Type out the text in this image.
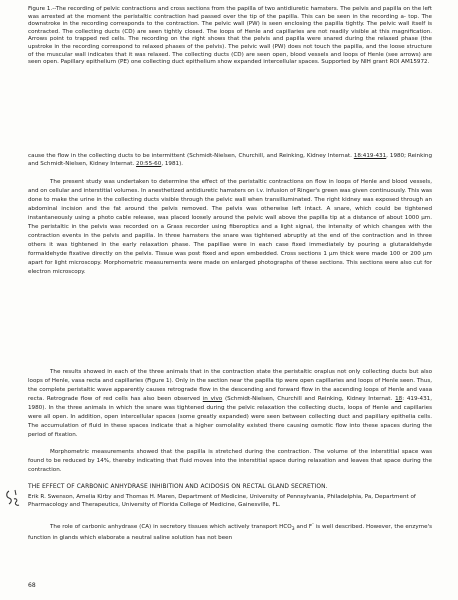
Figure 1.--The recording of pelvic contractions and cross sections from the papilla of two antidiuretic hamsters. The pelvis and papilla on the left was arrested at the moment the peristaltic contraction had passed over the tip of the papilla. This can be seen in the recording a- top. The downstroke in the recording corresponds to the contraction. The pelvic wall (PW) is seen enclosing the papilla tightly. The pelvic wall itself is contracted. The collecting ducts (CD) are seen tightly closed. The loops of Henle and capillaries are not readily visible at this magnification. Arrows point to trapped red cells. The recording on the right shows that the pelvis and papilla were snared during the relaxed phase (the upstroke in the recording correspond to relaxed phases of the pelvis). The pelvic wall (PW) does not touch the papilla, and the loose structure of the muscular wall indicates that it was relaxed. The collecting ducts (CD) are seen open, blood vessels and loops of Henle (see arrows) are seen open. Papillary epithelium (PE) one collecting duct epithelium show expanded intercellular spaces. Supported by NIH grant ROI AM15972.

cause the flow in the collecting ducts to be intermittent (Schmidt-Nielsen, Churchill, and Reinking, Kidney Internat. 18:419-431, 1980; Reinking and Schmidt-Nielsen, Kidney Internat. 20:55-60, 1981).

The present study was undertaken to determine the effect of the peristaltic contractions on flow in loops of Henle and blood vessels, and on cellular and interstitial volumes. In anesthetized antidiuretic hamsters on i.v. infusion of Ringer's green was given continuously. This was done to make the urine in the collecting ducts visible through the pelvic wall when transilluminated. The right kidney was exposed through an abdominal incision and the fat around the pelvis removed. The pelvis was otherwise left intact. A snare, which could be tightened instantaneously using a photo cable release, was placed loosely around the pelvic wall above the papilla tip at a distance of about 1000 µm. The peristaltic in the pelvis was recorded on a Grass recorder using fiberoptics and a light signal, the intensity of which changes with the contraction events in the pelvis and papilla. In three hamsters the snare was tightened abruptly at the end of the contraction and in three others it was tightened in the early relaxation phase. The papillae were in each case fixed immediately by pouring a glutaraldehyde formaldehyde fixative directly on the pelvis. Tissue was post fixed and epon embedded. Cross sections 1 µm thick were made 100 or 200 µm apart for light microscopy. Morphometric measurements were made on enlarged photographs of these sections. This sections were also cut for electron microscopy.

The results showed in each of the three animals that in the contraction state the peristaltic oraplus not only collecting ducts but also loops of Henle, vasa recta and capillaries (Figure 1). Only in the section near the papilla tip were open capillaries and loops of Henle seen. Thus, the complete peristaltic wave apparently causes retrograde flow in the descending and forward flow in the ascending loops of Henle and vasa recta. Retrograde flow of red cells has also been observed in vivo (Schmidt-Nielsen, Churchill and Reinking, Kidney Internat. 18: 419-431, 1980). In the three animals in which the snare was tightened during the pelvic relaxation the collecting ducts, loops of Henle and capillaries were all open. In addition, open intercellular spaces (some greatly expanded) were seen between collecting duct and papillary epithelia cells. The accumulation of fluid in these spaces indicate that a higher osmolality existed there causing osmotic flow into these spaces during the period of fixation.

Morphometric measurements showed that the papilla is stretched during the contraction. The volume of the interstitial space was found to be reduced by 14%, thereby indicating that fluid moves into the interstitial space during relaxation and leaves that space during the contraction.

THE EFFECT OF CARBONIC ANHYDRASE INHIBITION AND ACIDOSIS ON RECTAL GLAND SECRETION.
Erik R. Swenson, Amelia Kirby and Thomas H. Maren, Department of Medicine, University of Pennsylvania, Philadelphia, Pa, Department of Pharmacology and Therapeutics, University of Florida College of Medicine, Gainesville, FL.

The role of carbonic anhydrase (CA) in secretory tissues which actively transport $HCO_3$ and F- is well described. However, the enzyme's function in glands which elaborate a neutral saline solution has not been

68
